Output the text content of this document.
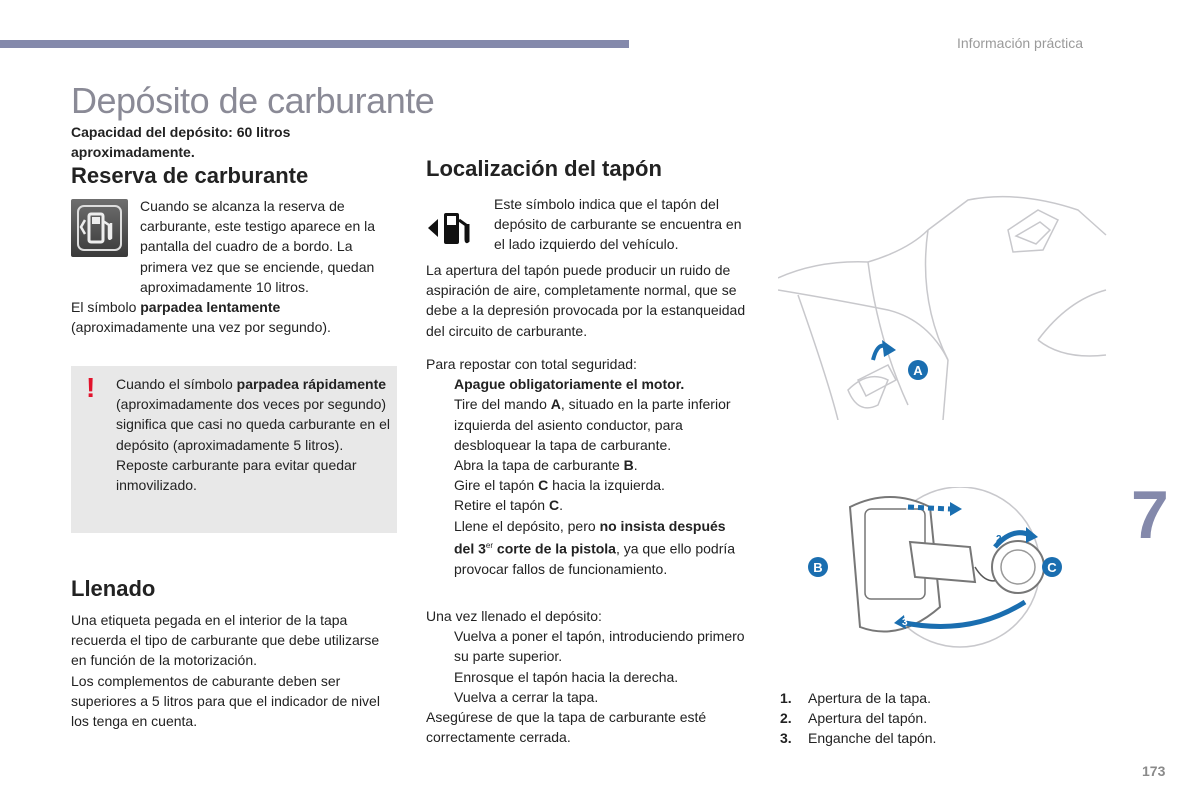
Información práctica
Depósito de carburante
Capacidad del depósito: 60 litros aproximadamente.
Reserva de carburante
Cuando se alcanza la reserva de carburante, este testigo aparece en la pantalla del cuadro de a bordo. La primera vez que se enciende, quedan aproximadamente 10 litros.
El símbolo parpadea lentamente (aproximadamente una vez por segundo).
! Cuando el símbolo parpadea rápidamente (aproximadamente dos veces por segundo) significa que casi no queda carburante en el depósito (aproximadamente 5 litros).
Reposte carburante para evitar quedar inmovilizado.
Llenado
Una etiqueta pegada en el interior de la tapa recuerda el tipo de carburante que debe utilizarse en función de la motorización.
Los complementos de caburante deben ser superiores a 5 litros para que el indicador de nivel los tenga en cuenta.
Localización del tapón
Este símbolo indica que el tapón del depósito de carburante se encuentra en el lado izquierdo del vehículo.
La apertura del tapón puede producir un ruido de aspiración de aire, completamente normal, que se debe a la depresión provocada por la estanqueidad del circuito de carburante.
Para repostar con total seguridad:
Apague obligatoriamente el motor.
Tire del mando A, situado en la parte inferior izquierda del asiento conductor, para desbloquear la tapa de carburante.
Abra la tapa de carburante B.
Gire el tapón C hacia la izquierda.
Retire el tapón C.
Llene el depósito, pero no insista después del 3er corte de la pistola, ya que ello podría provocar fallos de funcionamiento.
Una vez llenado el depósito:
Vuelva a poner el tapón, introduciendo primero su parte superior.
Enrosque el tapón hacia la derecha.
Vuelva a cerrar la tapa.
Asegúrese de que la tapa de carburante esté correctamente cerrada.
A
B	C
1
2
3
1. Apertura de la tapa.
2. Apertura del tapón.
3. Enganche del tapón.
7
173
